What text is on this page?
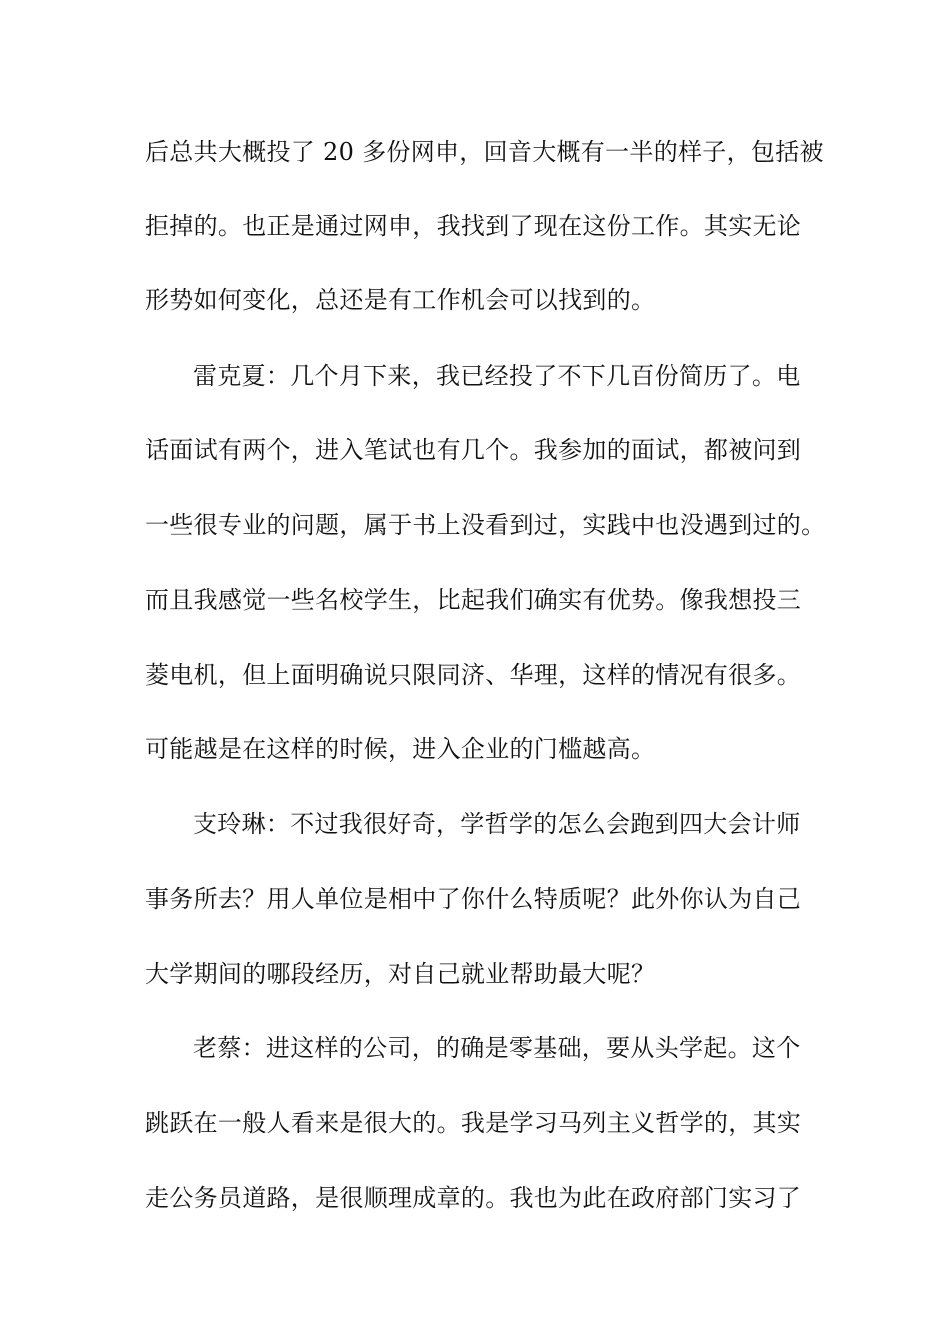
后总共大概投了 20 多份网申，回音大概有一半的样子，包括被
拒掉的。也正是通过网申，我找到了现在这份工作。其实无论
形势如何变化，总还是有工作机会可以找到的。
雷克夏：几个月下来，我已经投了不下几百份简历了。电
话面试有两个，进入笔试也有几个。我参加的面试，都被问到
一些很专业的问题，属于书上没看到过，实践中也没遇到过的。
而且我感觉一些名校学生，比起我们确实有优势。像我想投三
菱电机，但上面明确说只限同济、华理，这样的情况有很多。
可能越是在这样的时候，进入企业的门槛越高。
支玲琳：不过我很好奇，学哲学的怎么会跑到四大会计师
事务所去？用人单位是相中了你什么特质呢？此外你认为自己
大学期间的哪段经历，对自己就业帮助最大呢？
老蔡：进这样的公司，的确是零基础，要从头学起。这个
跳跃在一般人看来是很大的。我是学习马列主义哲学的，其实
走公务员道路，是很顺理成章的。我也为此在政府部门实习了
